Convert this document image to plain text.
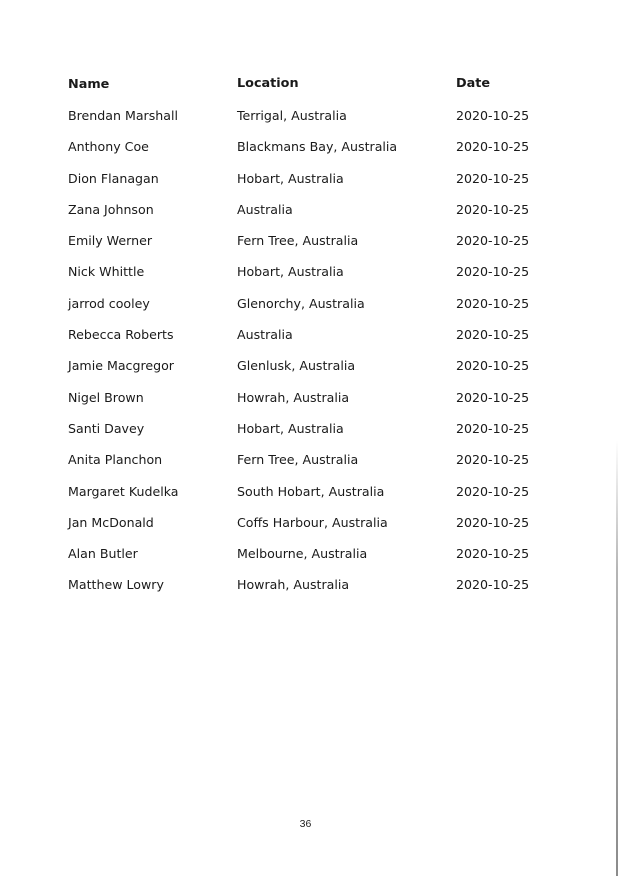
Name	Location	Date
Brendan Marshall	Terrigal, Australia	2020-10-25
Anthony Coe	Blackmans Bay, Australia	2020-10-25
Dion Flanagan	Hobart, Australia	2020-10-25
Zana Johnson	Australia	2020-10-25
Emily Werner	Fern Tree, Australia	2020-10-25
Nick Whittle	Hobart, Australia	2020-10-25
jarrod cooley	Glenorchy, Australia	2020-10-25
Rebecca Roberts	Australia	2020-10-25
Jamie Macgregor	Glenlusk, Australia	2020-10-25
Nigel Brown	Howrah, Australia	2020-10-25
Santi Davey	Hobart, Australia	2020-10-25
Anita Planchon	Fern Tree, Australia	2020-10-25
Margaret Kudelka	South Hobart, Australia	2020-10-25
Jan McDonald	Coffs Harbour, Australia	2020-10-25
Alan Butler	Melbourne, Australia	2020-10-25
Matthew Lowry	Howrah, Australia	2020-10-25
36
